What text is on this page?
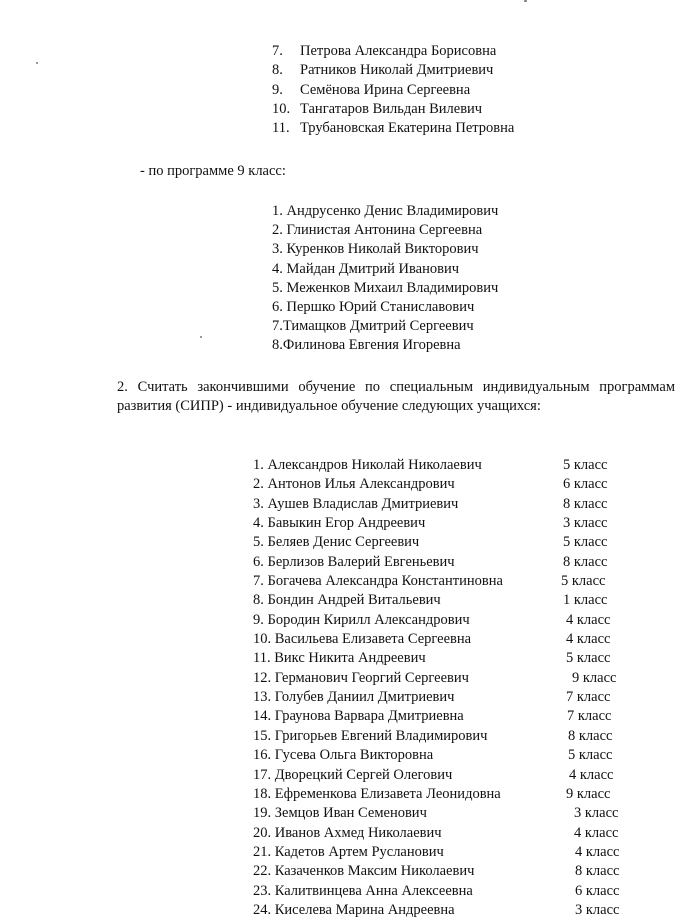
7. Петрова Александра Борисовна
8. Ратников Николай Дмитриевич
9. Семёнова Ирина Сергеевна
10. Тангатаров Вильдан Вилевич
11. Трубановская Екатерина Петровна
- по программе 9 класс:
1. Андрусенко Денис Владимирович
2. Глинистая Антонина Сергеевна
3. Куренков Николай Викторович
4. Майдан Дмитрий Иванович
5. Меженков Михаил Владимирович
6. Першко Юрий Станиславович
7.Тимащков Дмитрий Сергеевич
8.Филинова Евгения Игоревна
2. Считать закончившими обучение по специальным индивидуальным программам развития (СИПР) - индивидуальное обучение следующих учащихся:
1. Александров Николай Николаевич	5 класс
2. Антонов Илья Александрович	6 класс
3. Аушев Владислав Дмитриевич	8 класс
4. Бавыкин Егор Андреевич	3 класс
5. Беляев Денис Сергеевич	5 класс
6. Берлизов Валерий Евгеньевич	8 класс
7. Богачева Александра Константиновна	5 класс
8. Бондин Андрей Витальевич	1 класс
9. Бородин Кирилл Александрович	4 класс
10. Васильева Елизавета Сергеевна	4 класс
11. Викс Никита Андреевич	5 класс
12. Германович Георгий Сергеевич	9 класс
13. Голубев Даниил Дмитриевич	7 класс
14. Граунова Варвара Дмитриевна	7 класс
15. Григорьев Евгений Владимирович	8 класс
16. Гусева Ольга Викторовна	5 класс
17. Дворецкий Сергей Олегович	4 класс
18. Ефременкова Елизавета Леонидовна	9 класс
19. Земцов Иван Семенович	3 класс
20. Иванов Ахмед Николаевич	4 класс
21. Кадетов Артем Русланович	4 класс
22. Казаченков Максим Николаевич	8 класс
23. Калитвинцева Анна Алексеевна	6 класс
24. Киселева Марина Андреевна	3 класс
